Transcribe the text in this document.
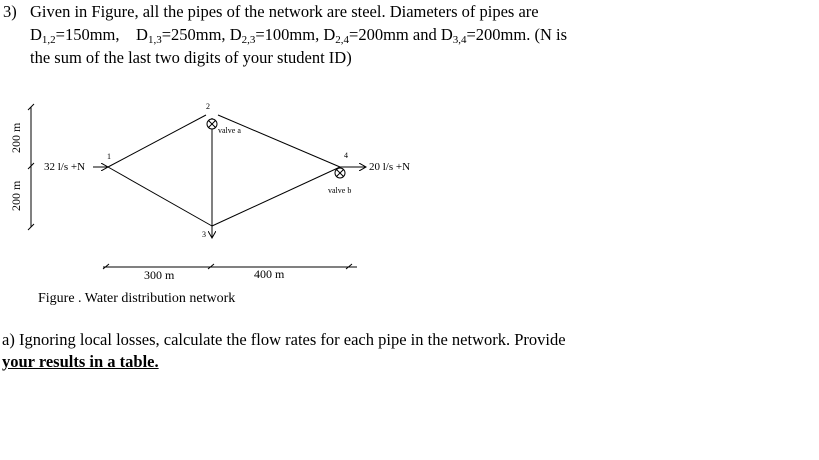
3) Given in Figure, all the pipes of the network are steel. Diameters of pipes are
$D_{1,2}=150mm$, $D_{1,3}=250mm$, $D_{2,3}=100mm$, $D_{2,4}=200mm$ and $D_{3,4}=200mm$. (N is
the sum of the last two digits of your student ID)
200 m
200 m
1
2
3
4
32 l/s +N	20 l/s +N
valve a
valve b
300 m	400 m
Figure . Water distribution network
a) Ignoring local losses, calculate the flow rates for each pipe in the network. Provide
your results in a table.
